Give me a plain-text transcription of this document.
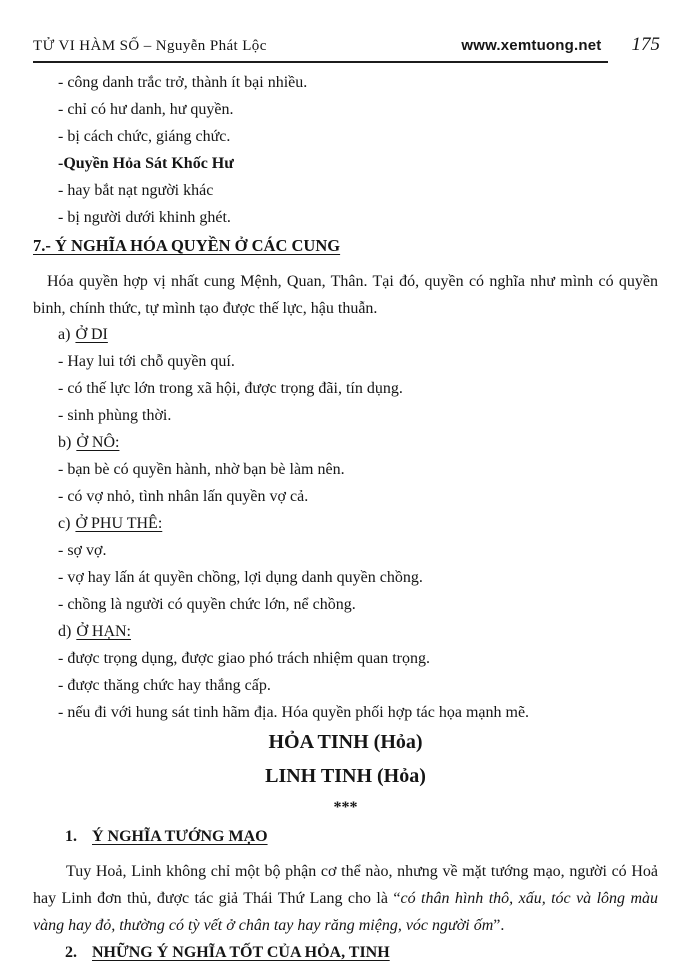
TỬ VI HÀM SỐ – Nguyễn Phát Lộc	www.xemtuong.net 175
- công danh trắc trở, thành ít bại nhiều.
- chỉ có hư danh, hư quyền.
- bị cách chức, giáng chức.
-Quyền Hỏa Sát Khốc Hư
- hay bắt nạt người khác
- bị người dưới khinh ghét.
7.- Ý NGHĨA HÓA QUYỀN Ở CÁC CUNG
Hóa quyền hợp vị nhất cung Mệnh, Quan, Thân. Tại đó, quyền có nghĩa như mình có quyền binh, chính thức, tự mình tạo được thế lực, hậu thuẫn.
a) Ở DI
- Hay lui tới chỗ quyền quí.
- có thế lực lớn trong xã hội, được trọng đãi, tín dụng.
- sinh phùng thời.
b) Ở NÔ:
- bạn bè có quyền hành, nhờ bạn bè làm nên.
- có vợ nhỏ, tình nhân lấn quyền vợ cả.
c) Ở PHU THÊ:
- sợ vợ.
- vợ hay lấn át quyền chồng, lợi dụng danh quyền chồng.
- chồng là người có quyền chức lớn, nể chồng.
d) Ở HẠN:
- được trọng dụng, được giao phó trách nhiệm quan trọng.
- được thăng chức hay thắng cấp.
- nếu đi với hung sát tinh hãm địa. Hóa quyền phối hợp tác họa mạnh mẽ.
HỎA TINH (Hỏa)
LINH TINH (Hỏa)
***
1. Ý NGHĨA TƯỚNG MẠO
Tuy Hoả, Linh không chỉ một bộ phận cơ thể nào, nhưng về mặt tướng mạo, người có Hoả hay Linh đơn thủ, được tác giả Thái Thứ Lang cho là “có thân hình thô, xấu, tóc và lông màu vàng hay đỏ, thường có tỳ vết ở chân tay hay răng miệng, vóc người ốm”.
2. NHỮNG Ý NGHĨA TỐT CỦA HỎA, TINH
